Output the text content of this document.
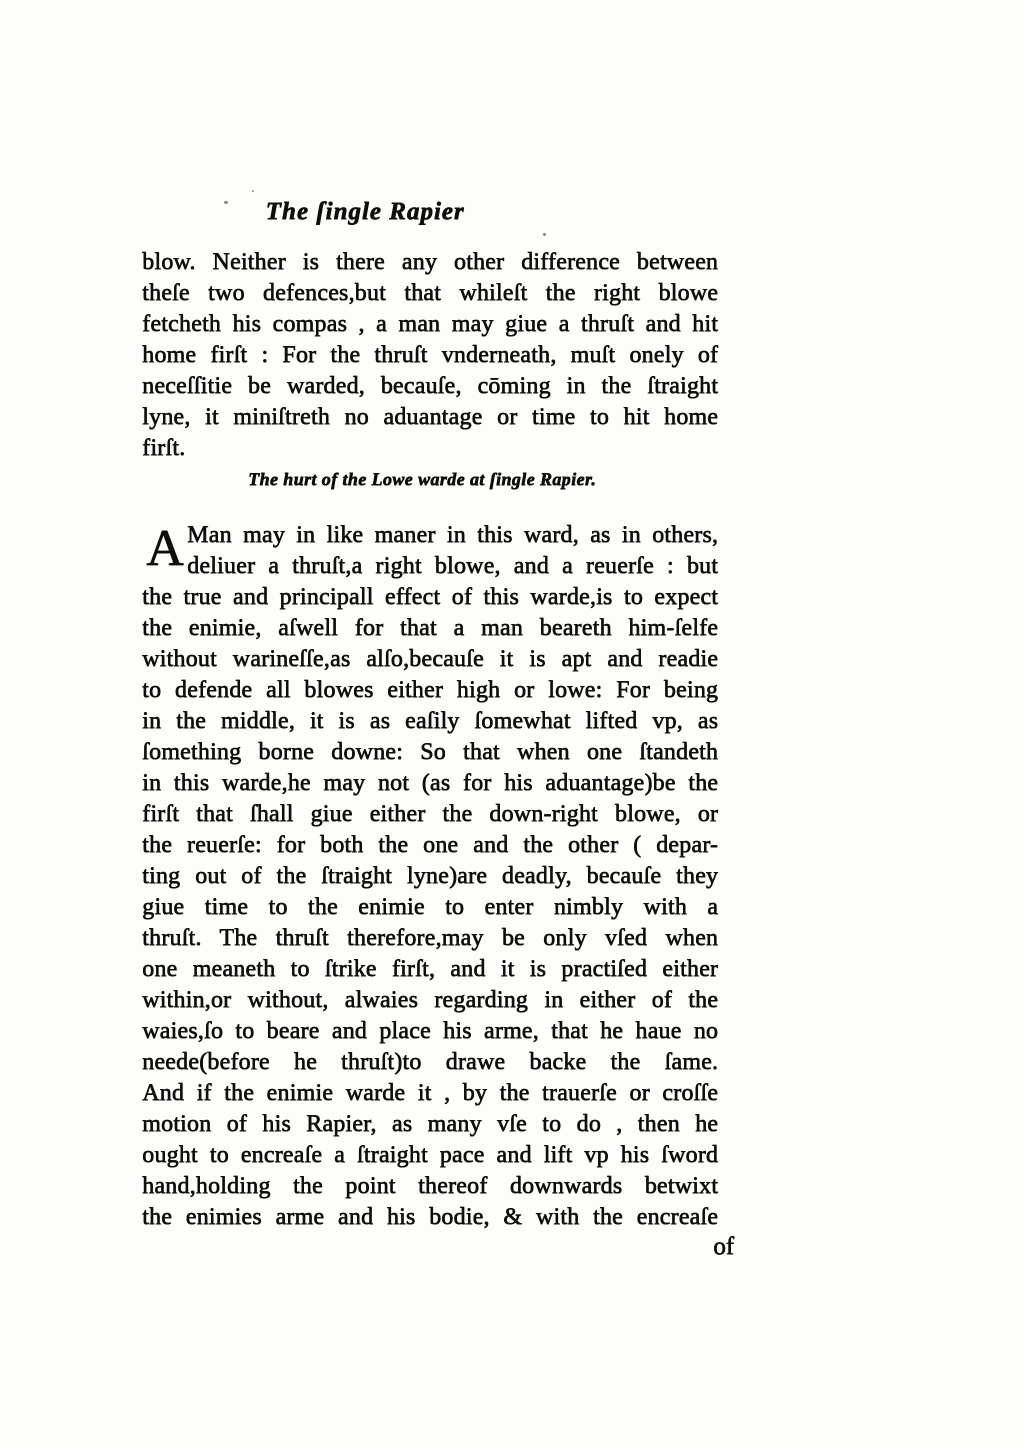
The ſingle Rapier
blow. Neither is there any other difference between
theſe two defences,but that whileſt the right blowe
fetcheth his compas , a man may giue a thruſt and hit
home firſt : For the thruſt vnderneath, muſt onely of
neceſſitie be warded, becauſe, cōming in the ſtraight
lyne, it miniſtreth no aduantage or time to hit home
firſt.
The hurt of the Lowe warde at ſingle Rapier.
A Man may in like maner in this ward, as in others,
deliuer a thruſt,a right blowe, and a reuerſe : but
the true and principall effect of this warde,is to expect
the enimie, aſwell for that a man beareth him-ſelfe
without warineſſe,as alſo,becauſe it is apt and readie
to defende all blowes either high or lowe: For being
in the middle, it is as eaſily ſomewhat lifted vp, as
ſomething borne downe: So that when one ſtandeth
in this warde,he may not (as for his aduantage)be the
firſt that ſhall giue either the down-right blowe, or
the reuerſe: for both the one and the other ( depar-
ting out of the ſtraight lyne)are deadly, becauſe they
giue time to the enimie to enter nimbly with a
thruſt. The thruſt therefore,may be only vſed when
one meaneth to ſtrike firſt, and it is practiſed either
within,or without, alwaies regarding in either of the
waies,ſo to beare and place his arme, that he haue no
neede(before he thruſt)to drawe backe the ſame.
And if the enimie warde it , by the trauerſe or croſſe
motion of his Rapier, as many vſe to do , then he
ought to encreaſe a ſtraight pace and lift vp his ſword
hand,holding the point thereof downwards betwixt
the enimies arme and his bodie, & with the encreaſe
of
